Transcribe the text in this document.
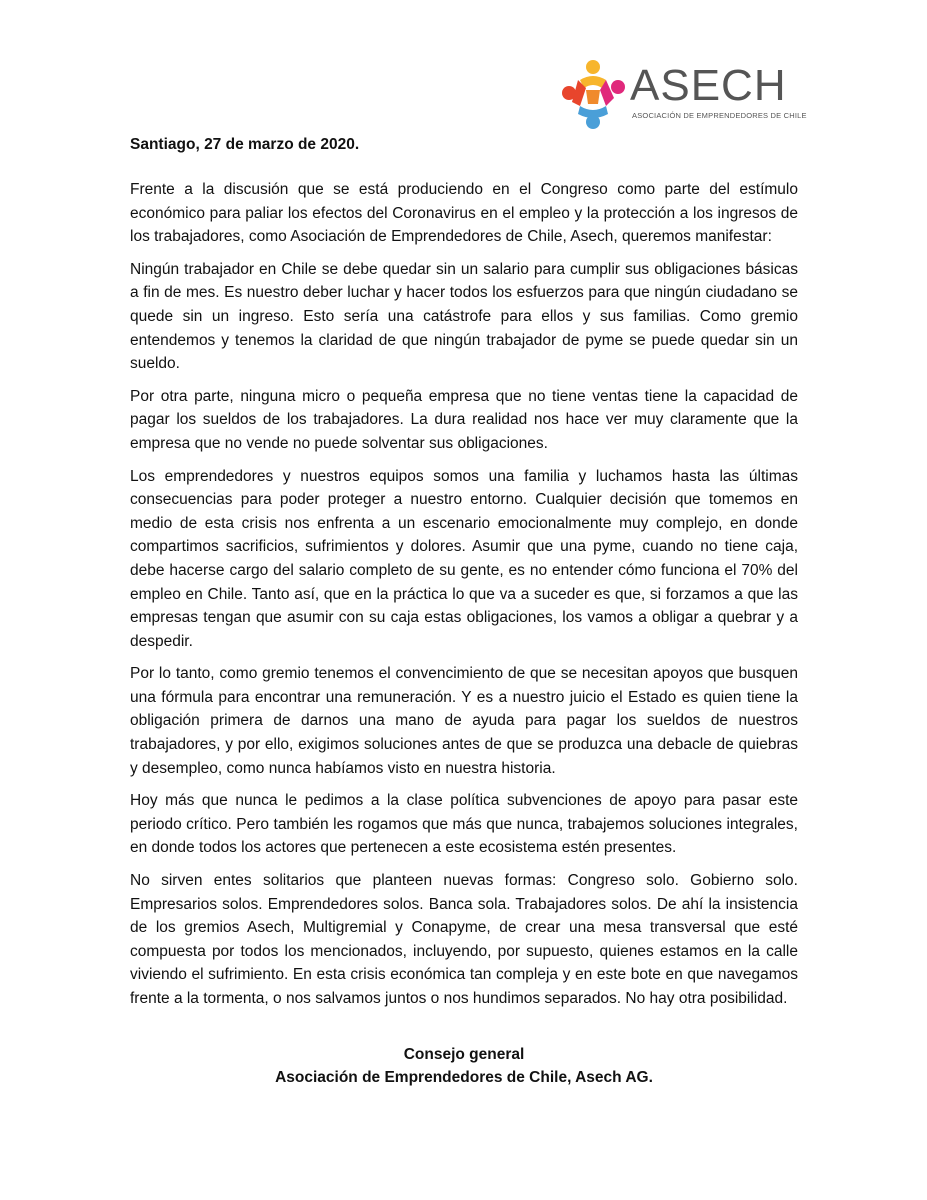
ASECH
ASOCIACIÓN DE EMPRENDEDORES DE CHILE
Santiago, 27 de marzo de 2020.

Frente a la discusión que se está produciendo en el Congreso como parte del estímulo económico para paliar los efectos del Coronavirus en el empleo y la protección a los ingresos de los trabajadores, como Asociación de Emprendedores de Chile, Asech, queremos manifestar:

Ningún trabajador en Chile se debe quedar sin un salario para cumplir sus obligaciones básicas a fin de mes. Es nuestro deber luchar y hacer todos los esfuerzos para que ningún ciudadano se quede sin un ingreso. Esto sería una catástrofe para ellos y sus familias. Como gremio entendemos y tenemos la claridad de que ningún trabajador de pyme se puede quedar sin un sueldo.

Por otra parte, ninguna micro o pequeña empresa que no tiene ventas tiene la capacidad de pagar los sueldos de los trabajadores. La dura realidad nos hace ver muy claramente que la empresa que no vende no puede solventar sus obligaciones.

Los emprendedores y nuestros equipos somos una familia y luchamos hasta las últimas consecuencias para poder proteger a nuestro entorno. Cualquier decisión que tomemos en medio de esta crisis nos enfrenta a un escenario emocionalmente muy complejo, en donde compartimos sacrificios, sufrimientos y dolores. Asumir que una pyme, cuando no tiene caja, debe hacerse cargo del salario completo de su gente, es no entender cómo funciona el 70% del empleo en Chile. Tanto así, que en la práctica lo que va a suceder es que, si forzamos a que las empresas tengan que asumir con su caja estas obligaciones, los vamos a obligar a quebrar y a despedir.

Por lo tanto, como gremio tenemos el convencimiento de que se necesitan apoyos que busquen una fórmula para encontrar una remuneración. Y es a nuestro juicio el Estado es quien tiene la obligación primera de darnos una mano de ayuda para pagar los sueldos de nuestros trabajadores, y por ello, exigimos soluciones antes de que se produzca una debacle de quiebras y desempleo, como nunca habíamos visto en nuestra historia.

Hoy más que nunca le pedimos a la clase política subvenciones de apoyo para pasar este periodo crítico. Pero también les rogamos que más que nunca, trabajemos soluciones integrales, en donde todos los actores que pertenecen a este ecosistema estén presentes.

No sirven entes solitarios que planteen nuevas formas: Congreso solo. Gobierno solo. Empresarios solos. Emprendedores solos. Banca sola. Trabajadores solos. De ahí la insistencia de los gremios Asech, Multigremial y Conapyme, de crear una mesa transversal que esté compuesta por todos los mencionados, incluyendo, por supuesto, quienes estamos en la calle viviendo el sufrimiento. En esta crisis económica tan compleja y en este bote en que navegamos frente a la tormenta, o nos salvamos juntos o nos hundimos separados. No hay otra posibilidad.

Consejo general
Asociación de Emprendedores de Chile, Asech AG.
